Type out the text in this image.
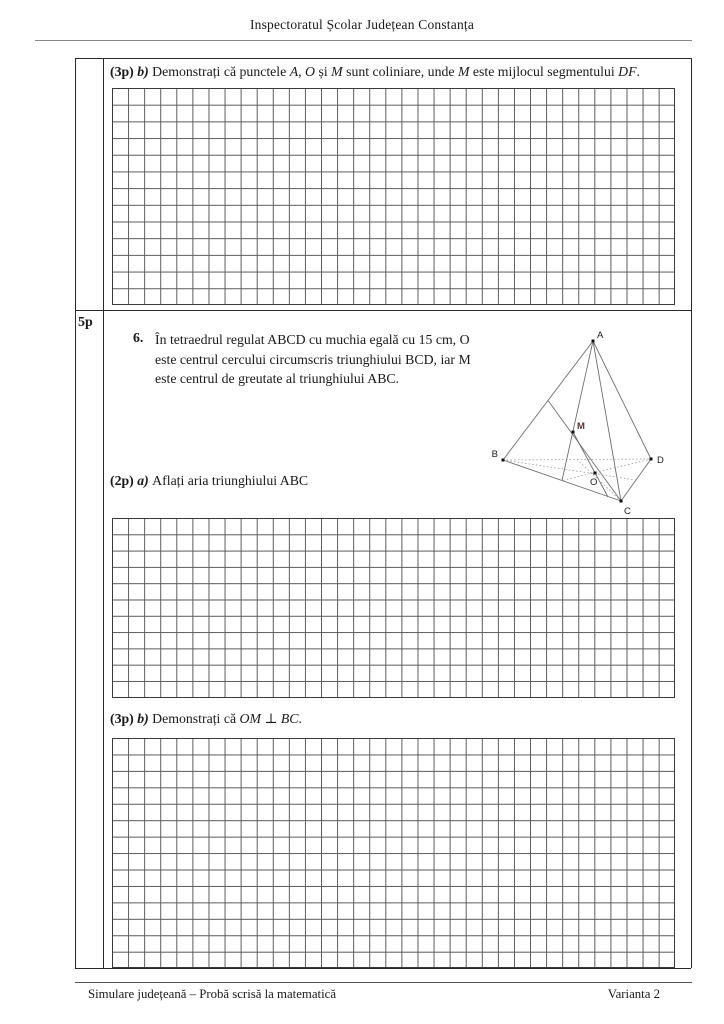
Inspectoratul Școlar Județean Constanța
(3p) b) Demonstrați că punctele A, O și M sunt coliniare, unde M este mijlocul segmentului DF.
5p
6. În tetraedrul regulat ABCD cu muchia egală cu 15 cm, O este centrul cercului circumscris triunghiului BCD, iar M este centrul de greutate al triunghiului ABC.
A
B
C
D
M
O
(2p) a) Aflați aria triunghiului ABC
(3p) b) Demonstrați că OM ⊥ BC.
Simulare județeană – Probă scrisă la matematică	Varianta 2
